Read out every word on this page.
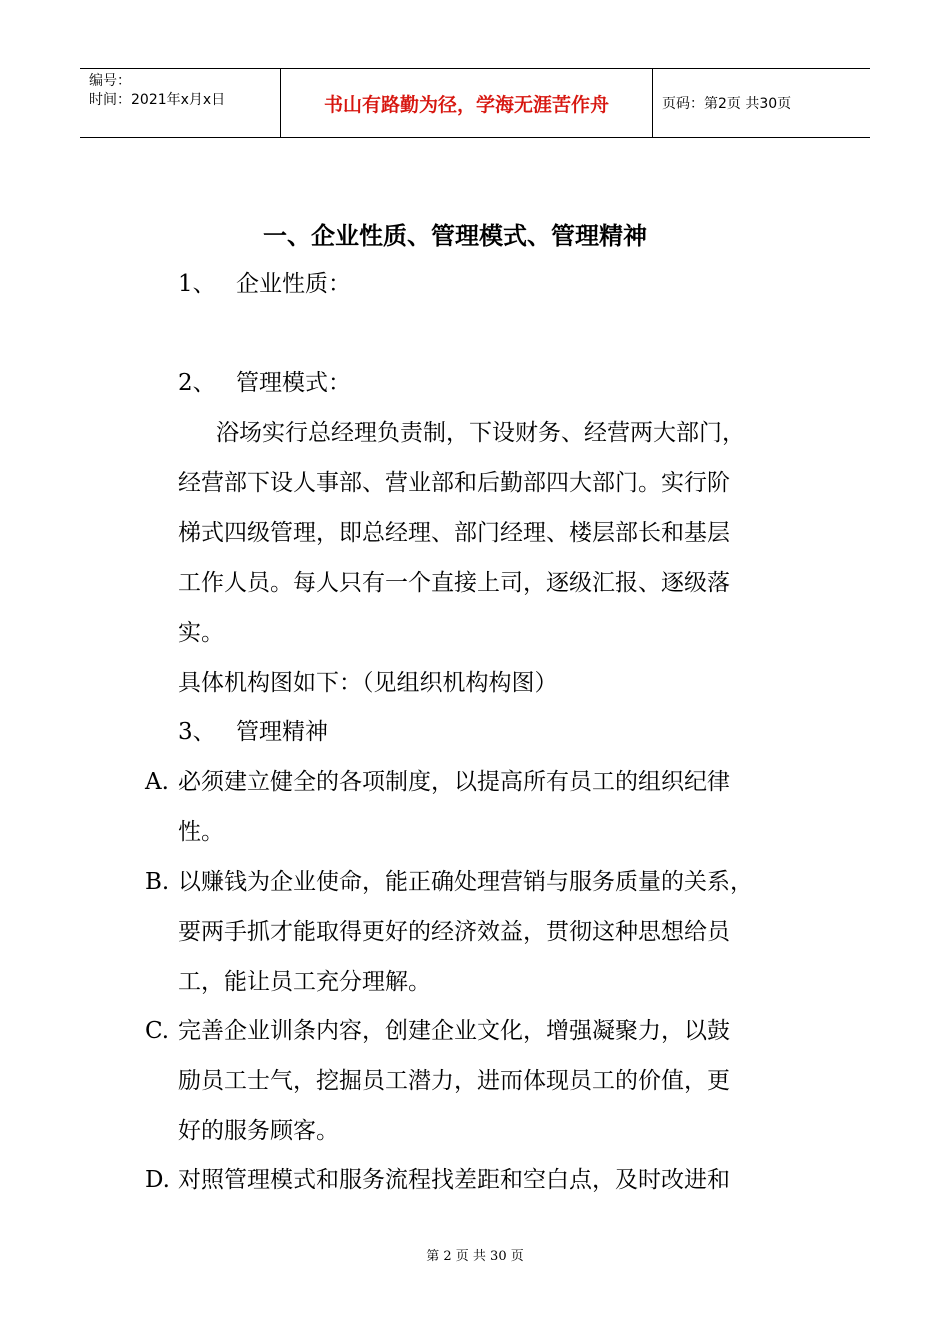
编号：
时间：2021年x月x日	书山有路勤为径，学海无涯苦作舟	页码：第2页 共30页
一、企业性质、管理模式、管理精神
1、 企业性质：
2、 管理模式：
浴场实行总经理负责制，下设财务、经营两大部门，
经营部下设人事部、营业部和后勤部四大部门。实行阶
梯式四级管理，即总经理、部门经理、楼层部长和基层
工作人员。每人只有一个直接上司，逐级汇报、逐级落
实。
具体机构图如下：（见组织机构构图）
3、 管理精神
A. 必须建立健全的各项制度，以提高所有员工的组织纪律
性。
B. 以赚钱为企业使命，能正确处理营销与服务质量的关系，
要两手抓才能取得更好的经济效益，贯彻这种思想给员
工，能让员工充分理解。
C. 完善企业训条内容，创建企业文化，增强凝聚力，以鼓
励员工士气，挖掘员工潜力，进而体现员工的价值，更
好的服务顾客。
D. 对照管理模式和服务流程找差距和空白点，及时改进和
第 2 页 共 30 页
